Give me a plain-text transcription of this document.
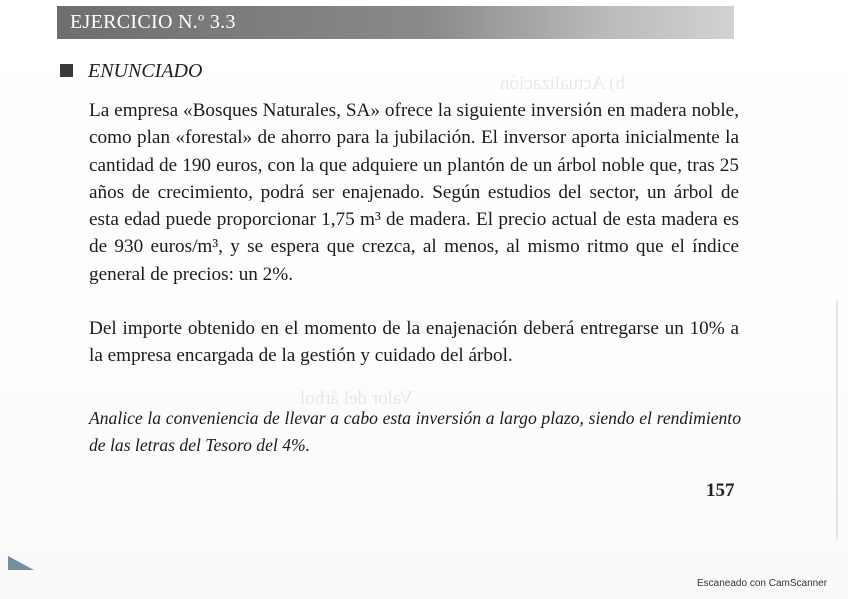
b) Actualización
Valor del árbol
EJERCICIO N.º 3.3
ENUNCIADO
La empresa «Bosques Naturales, SA» ofrece la siguiente inversión en madera noble, como plan «forestal» de ahorro para la jubilación. El inversor aporta inicialmente la cantidad de 190 euros, con la que adquiere un plantón de un árbol noble que, tras 25 años de crecimiento, podrá ser enajenado. Según estudios del sector, un árbol de esta edad puede proporcionar 1,75 m³ de madera. El precio actual de esta madera es de 930 euros/m³, y se espera que crezca, al menos, al mismo ritmo que el índice general de precios: un 2%.
Del importe obtenido en el momento de la enajenación deberá entregarse un 10% a la empresa encargada de la gestión y cuidado del árbol.
Analice la conveniencia de llevar a cabo esta inversión a largo plazo, siendo el rendimiento de las letras del Tesoro del 4%.
157
Escaneado con CamScanner
